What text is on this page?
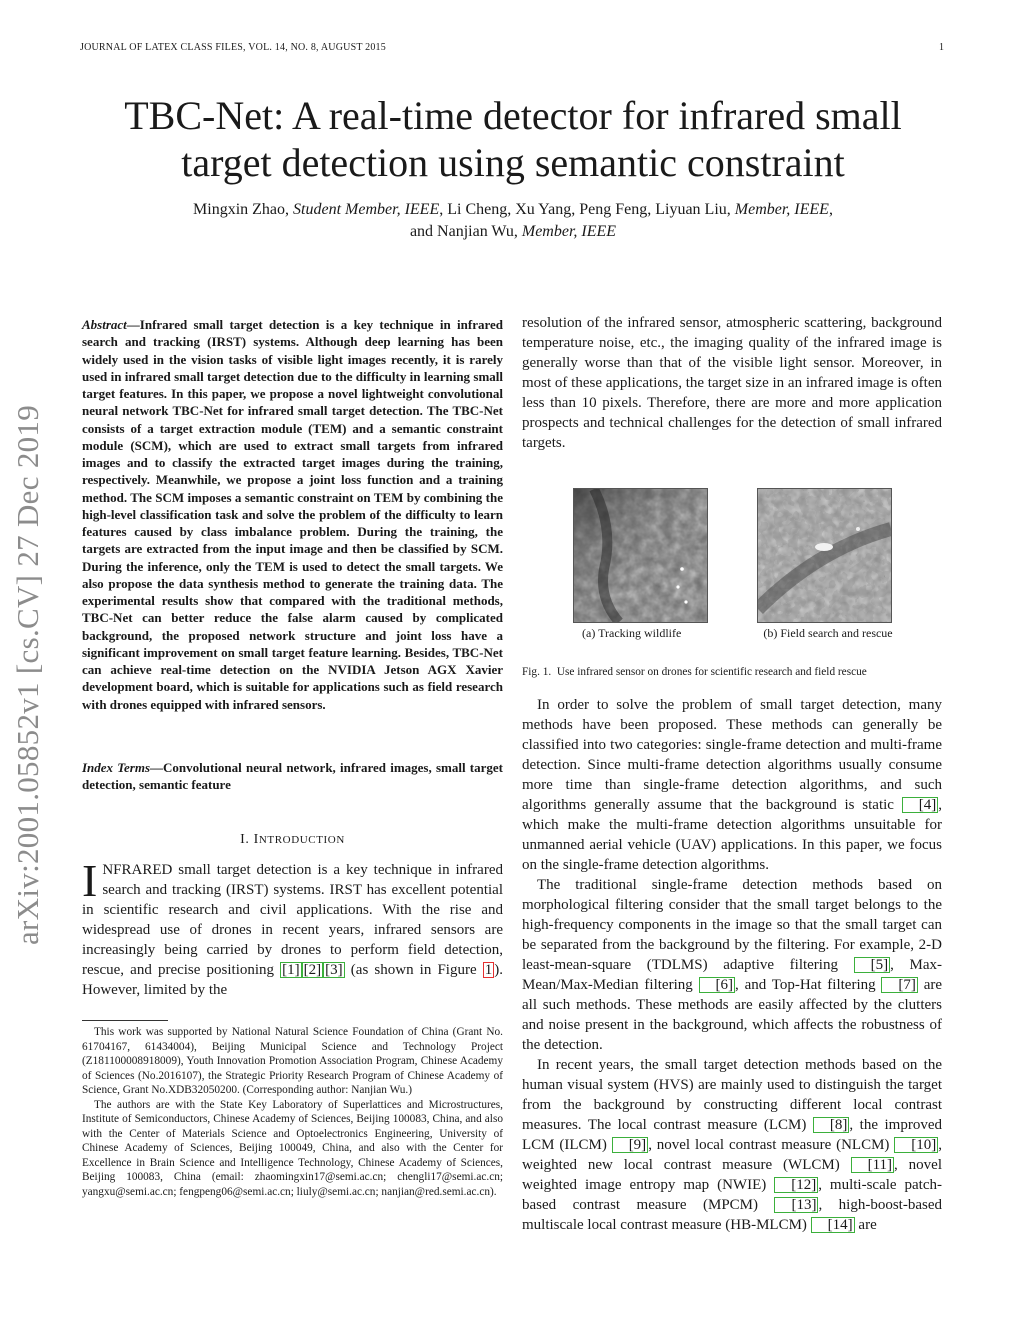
JOURNAL OF LATEX CLASS FILES, VOL. 14, NO. 8, AUGUST 2015	1
arXiv:2001.05852v1 [cs.CV] 27 Dec 2019
TBC-Net: A real-time detector for infrared small target detection using semantic constraint
Mingxin Zhao, Student Member, IEEE, Li Cheng, Xu Yang, Peng Feng, Liyuan Liu, Member, IEEE,
and Nanjian Wu, Member, IEEE
Abstract—Infrared small target detection is a key technique in infrared search and tracking (IRST) systems. Although deep learning has been widely used in the vision tasks of visible light images recently, it is rarely used in infrared small target detection due to the difficulty in learning small target features. In this paper, we propose a novel lightweight convolutional neural network TBC-Net for infrared small target detection. The TBC-Net consists of a target extraction module (TEM) and a semantic constraint module (SCM), which are used to extract small targets from infrared images and to classify the extracted target images during the training, respectively. Meanwhile, we propose a joint loss function and a training method. The SCM imposes a semantic constraint on TEM by combining the high-level classification task and solve the problem of the difficulty to learn features caused by class imbalance problem. During the training, the targets are extracted from the input image and then be classified by SCM. During the inference, only the TEM is used to detect the small targets. We also propose the data synthesis method to generate the training data. The experimental results show that compared with the traditional methods, TBC-Net can better reduce the false alarm caused by complicated background, the proposed network structure and joint loss have a significant improvement on small target feature learning. Besides, TBC-Net can achieve real-time detection on the NVIDIA Jetson AGX Xavier development board, which is suitable for applications such as field research with drones equipped with infrared sensors.
Index Terms—Convolutional neural network, infrared images, small target detection, semantic feature
I. INTRODUCTION
INFRARED small target detection is a key technique in infrared search and tracking (IRST) systems. IRST has excellent potential in scientific research and civil applications. With the rise and widespread use of drones in recent years, infrared sensors are increasingly being carried by drones to perform field detection, rescue, and precise positioning [1] [2] [3] (as shown in Figure 1 ). However, limited by the

This work was supported by National Natural Science Foundation of China (Grant No. 61704167, 61434004), Beijing Municipal Science and Technology Project (Z181100008918009), Youth Innovation Promotion Association Program, Chinese Academy of Sciences (No.2016107), the Strategic Priority Research Program of Chinese Academy of Science, Grant No.XDB32050200. (Corresponding author: Nanjian Wu.)

The authors are with the State Key Laboratory of Superlattices and Microstructures, Institute of Semiconductors, Chinese Academy of Sciences, Beijing 100083, China, and also with the Center of Materials Science and Optoelectronics Engineering, University of Chinese Academy of Sciences, Beijing 100049, China, and also with the Center for Excellence in Brain Science and Intelligence Technology, Chinese Academy of Sciences, Beijing 100083, China (email: zhaomingxin17@semi.ac.cn; chengli17@semi.ac.cn; yangxu@semi.ac.cn; fengpeng06@semi.ac.cn; liuly@semi.ac.cn; nanjian@red.semi.ac.cn).

resolution of the infrared sensor, atmospheric scattering, background temperature noise, etc., the imaging quality of the infrared image is generally worse than that of the visible light sensor. Moreover, in most of these applications, the target size in an infrared image is often less than 10 pixels. Therefore, there are more and more application prospects and technical challenges for the detection of small infrared targets.
(a) Tracking wildlife	(b) Field search and rescue
Fig. 1. Use infrared sensor on drones for scientific research and field rescue

In order to solve the problem of small target detection, many methods have been proposed. These methods can generally be classified into two categories: single-frame detection and multi-frame detection. Since multi-frame detection algorithms usually consume more time than single-frame detection algorithms, and such algorithms generally assume that the background is static [4] , which make the multi-frame detection algorithms unsuitable for unmanned aerial vehicle (UAV) applications. In this paper, we focus on the single-frame detection algorithms.

The traditional single-frame detection methods based on morphological filtering consider that the small target belongs to the high-frequency components in the image so that the small target can be separated from the background by the filtering. For example, 2-D least-mean-square (TDLMS) adaptive filtering [5] , Max-Mean/Max-Median filtering [6] , and Top-Hat filtering [7] are all such methods. These methods are easily affected by the clutters and noise present in the background, which affects the robustness of the detection.

In recent years, the small target detection methods based on the human visual system (HVS) are mainly used to distinguish the target from the background by constructing different local contrast measures. The local contrast measure (LCM) [8] , the improved LCM (ILCM) [9] , novel local contrast measure (NLCM) [10] , weighted new local contrast measure (WLCM) [11] , novel weighted image entropy map (NWIE) [12] , multi-scale patch-based contrast measure (MPCM) [13] , high-boost-based multiscale local contrast measure (HB-MLCM) [14] are
